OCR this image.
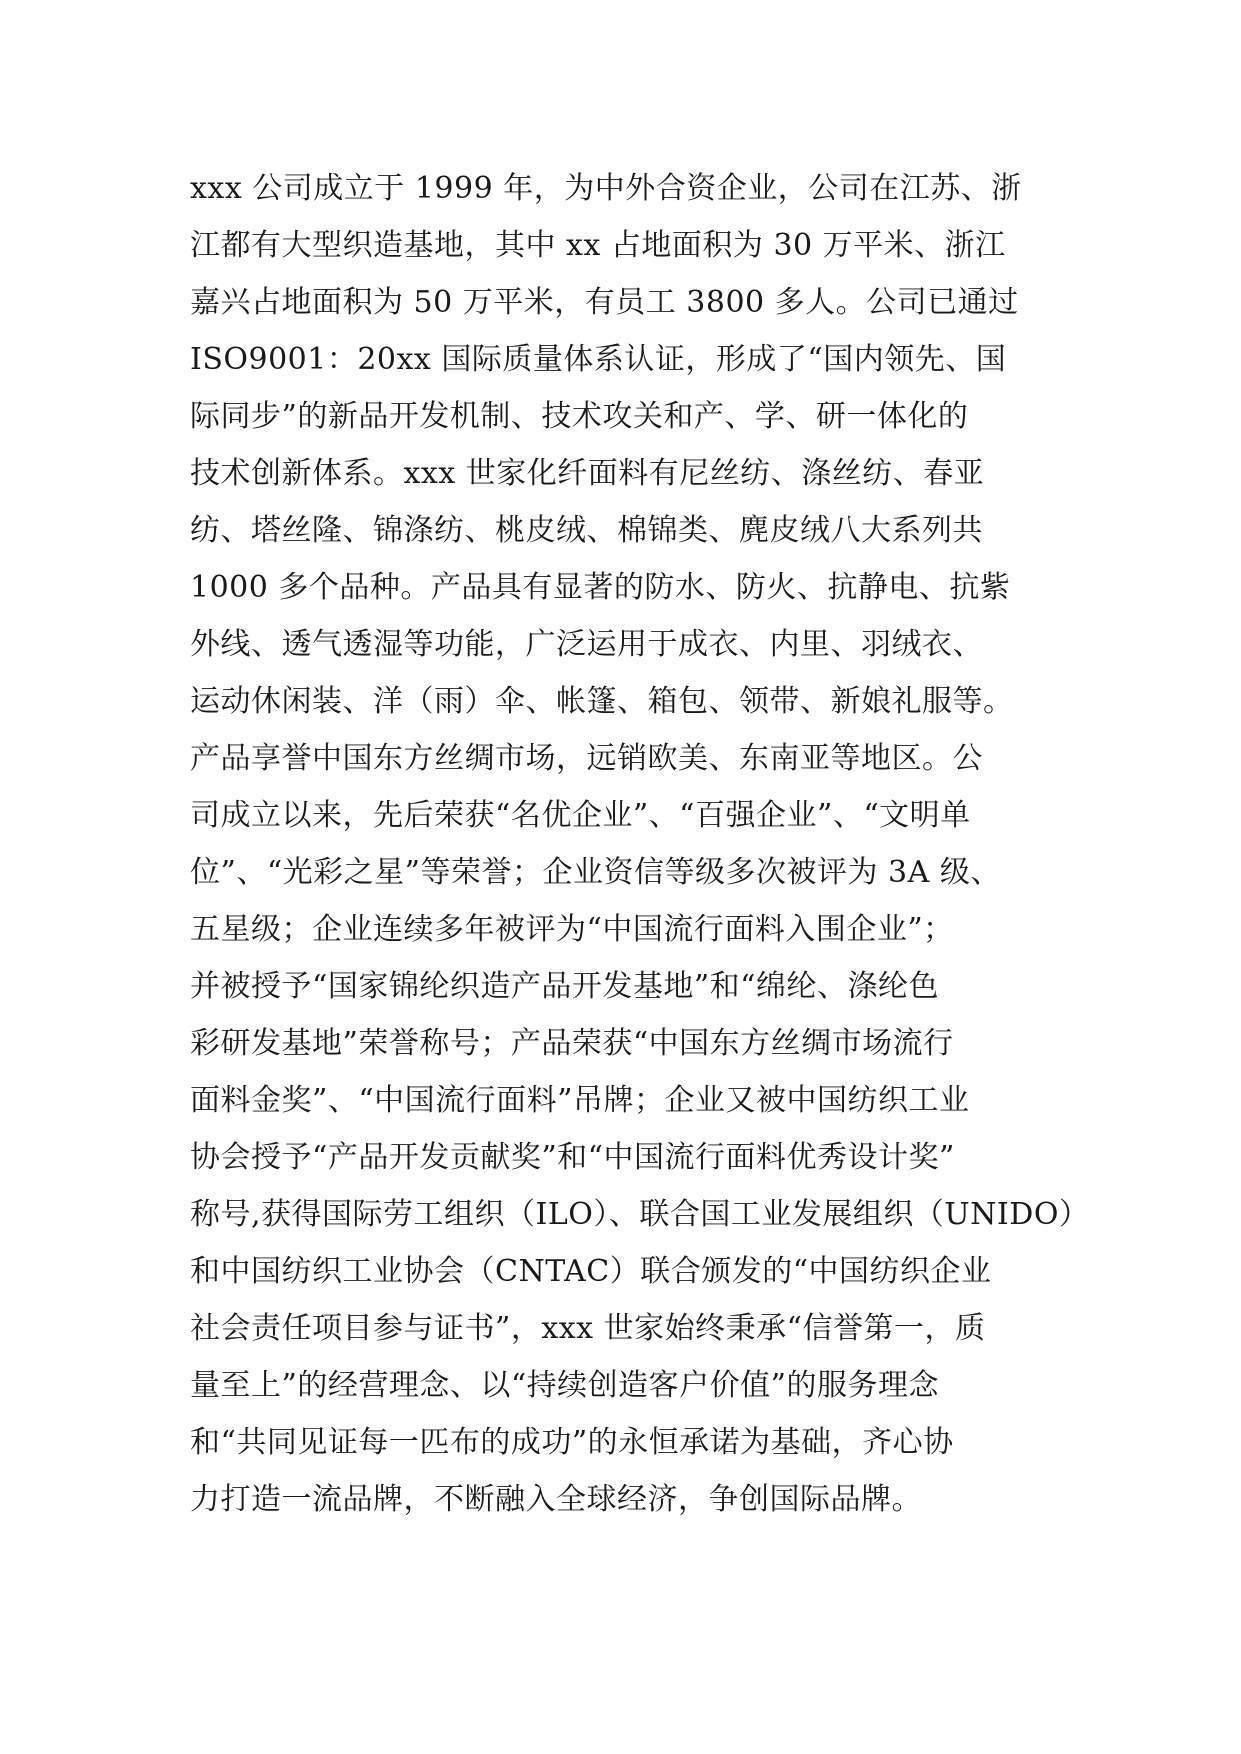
xxx 公司成立于 1999 年，为中外合资企业，公司在江苏、浙
江都有大型织造基地，其中 xx 占地面积为 30 万平米、浙江
嘉兴占地面积为 50 万平米，有员工 3800 多人。公司已通过
ISO9001：20xx 国际质量体系认证，形成了“国内领先、国
际同步”的新品开发机制、技术攻关和产、学、研一体化的
技术创新体系。xxx 世家化纤面料有尼丝纺、涤丝纺、春亚
纺、塔丝隆、锦涤纺、桃皮绒、棉锦类、麂皮绒八大系列共
1000 多个品种。产品具有显著的防水、防火、抗静电、抗紫
外线、透气透湿等功能，广泛运用于成衣、内里、羽绒衣、
运动休闲装、洋（雨）伞、帐篷、箱包、领带、新娘礼服等。
产品享誉中国东方丝绸市场，远销欧美、东南亚等地区。公
司成立以来，先后荣获“名优企业”、“百强企业”、“文明单
位”、“光彩之星”等荣誉；企业资信等级多次被评为 3A 级、
五星级；企业连续多年被评为“中国流行面料入围企业”；
并被授予“国家锦纶织造产品开发基地”和“绵纶、涤纶色
彩研发基地”荣誉称号；产品荣获“中国东方丝绸市场流行
面料金奖”、“中国流行面料”吊牌；企业又被中国纺织工业
协会授予“产品开发贡献奖”和“中国流行面料优秀设计奖”
称号,获得国际劳工组织（ILO）、联合国工业发展组织（UNIDO）
和中国纺织工业协会（CNTAC）联合颁发的“中国纺织企业
社会责任项目参与证书”，xxx 世家始终秉承“信誉第一，质
量至上”的经营理念、以“持续创造客户价值”的服务理念
和“共同见证每一匹布的成功”的永恒承诺为基础，齐心协
力打造一流品牌，不断融入全球经济，争创国际品牌。
